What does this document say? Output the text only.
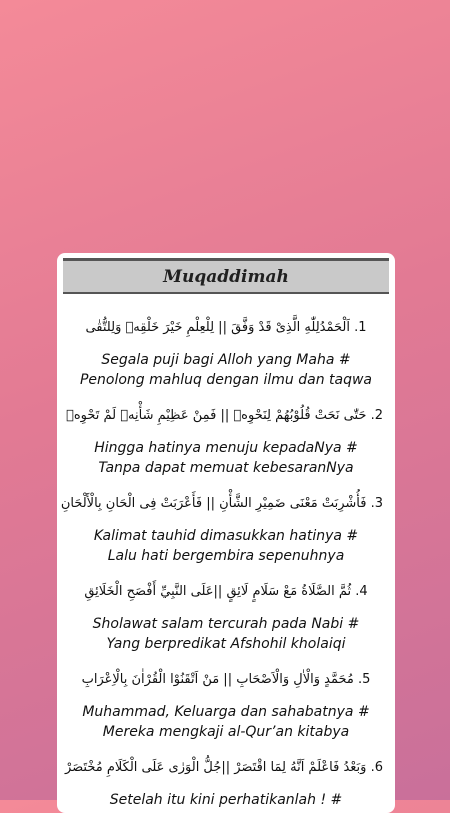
Muqaddimah
1. اَلْحَمْدُلِلّٰهِ الَّذِىْ قَدْ وَفَّقَ || لِلْعِلْمِ خَيْرَ خَلْقِهٖ وَلِلتُّقٰى
Segala puji bagi Alloh yang Maha #
Penolong mahluq dengan ilmu dan taqwa
2. حَتّٰى نَحَتْ قُلُوْبُهُمْ لِنَحْوِهٖ || فَمِنْ عَظِيْمِ شَأْنِهٖ لَمْ تَحْوِهٖ
Hingga hatinya menuju kepadaNya #
Tanpa dapat memuat kebesaranNya
3. فَأُشْرِبَتْ مَعْنَى ضَمِيْرِ الشَّأْنِ || فَأَعْرَبَتْ فِى الْحَانِ بِالْأَلْحَانِ
Kalimat tauhid dimasukkan hatinya #
Lalu hati bergembira sepenuhnya
4. ثُمَّ الصَّلَاةُ مَعْ سَلَامٍ لَائِقٍ ||عَلَى النَّبِيِّ أَفْصَحِ الْخَلَائِقِ
Sholawat salam tercurah pada Nabi #
Yang berpredikat Afshohil kholaiqi
5. مُحَمَّدٍ وَالْاٰلِ وَالْاَصْحَابِ || مَنْ اَتْقَنُوْا الْقُرْاٰنَ بِالْاِعْرَابِ
Muhammad, Keluarga dan sahabatnya #
Mereka mengkaji al-Qur’an kitabya
6. وَبَعْدُ فَاعْلَمْ اَنَّهُ لِمَا اقْتَصَرْ ||جُلُّ الْوَرٰى عَلَى الْكَلَامِ مُخْتَصَرْ
Setelah itu kini perhatikanlah ! #
